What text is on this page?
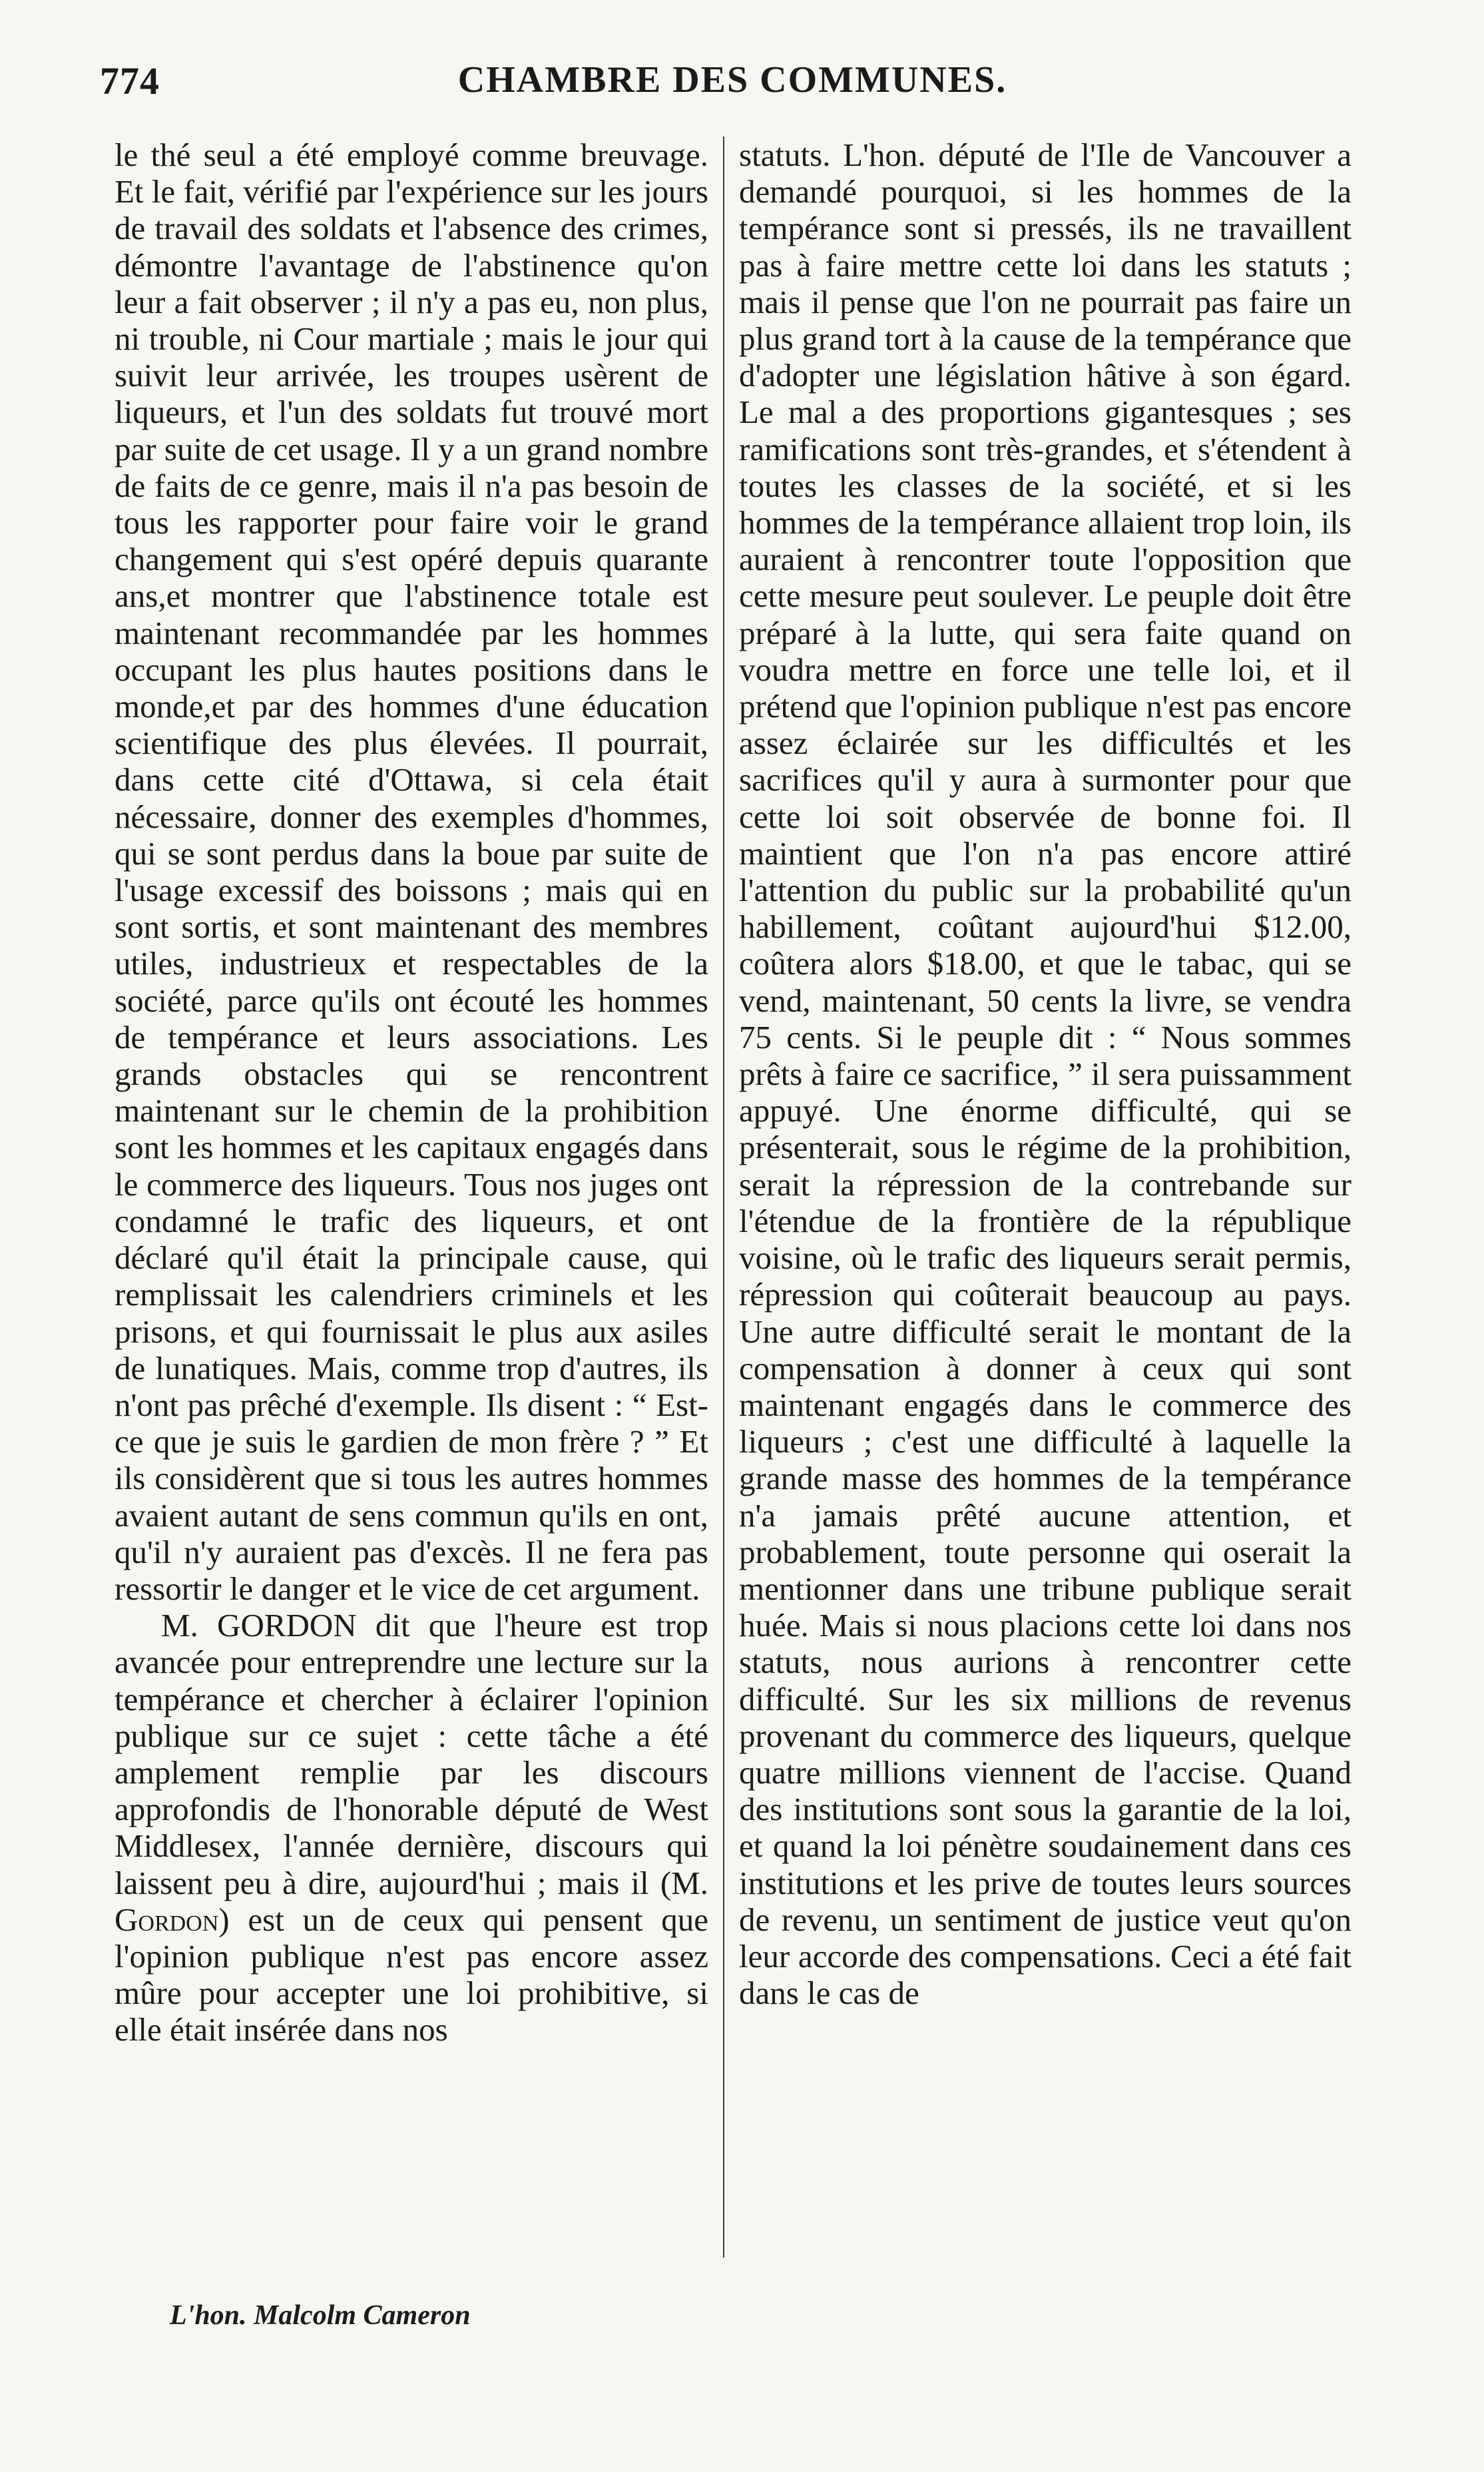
774	CHAMBRE DES COMMUNES.

le thé seul a été employé comme breuvage. Et le fait, vérifié par l'expérience sur les jours de travail des soldats et l'absence des crimes, démontre l'avantage de l'abstinence qu'on leur a fait observer ; il n'y a pas eu, non plus, ni trouble, ni Cour martiale ; mais le jour qui suivit leur arrivée, les troupes usèrent de liqueurs, et l'un des soldats fut trouvé mort par suite de cet usage. Il y a un grand nombre de faits de ce genre, mais il n'a pas besoin de tous les rapporter pour faire voir le grand changement qui s'est opéré depuis quarante ans,et montrer que l'abstinence totale est maintenant recommandée par les hommes occupant les plus hautes positions dans le monde,et par des hommes d'une éducation scientifique des plus élevées. Il pourrait, dans cette cité d'Ottawa, si cela était nécessaire, donner des exemples d'hommes, qui se sont perdus dans la boue par suite de l'usage excessif des boissons ; mais qui en sont sortis, et sont maintenant des membres utiles, industrieux et respectables de la société, parce qu'ils ont écouté les hommes de tempérance et leurs associations. Les grands obstacles qui se rencontrent maintenant sur le chemin de la prohibition sont les hommes et les capitaux engagés dans le commerce des liqueurs. Tous nos juges ont condamné le trafic des liqueurs, et ont déclaré qu'il était la principale cause, qui remplissait les calendriers criminels et les prisons, et qui fournissait le plus aux asiles de lunatiques. Mais, comme trop d'autres, ils n'ont pas prêché d'exemple. Ils disent : “ Est-ce que je suis le gardien de mon frère ? ” Et ils considèrent que si tous les autres hommes avaient autant de sens commun qu'ils en ont, qu'il n'y auraient pas d'excès. Il ne fera pas ressortir le danger et le vice de cet argument.

M. GORDON dit que l'heure est trop avancée pour entreprendre une lecture sur la tempérance et chercher à éclairer l'opinion publique sur ce sujet : cette tâche a été amplement remplie par les discours approfondis de l'honorable député de West Middlesex, l'année dernière, discours qui laissent peu à dire, aujourd'hui ; mais il (M. Gordon) est un de ceux qui pensent que l'opinion publique n'est pas encore assez mûre pour accepter une loi prohibitive, si elle était insérée dans nos

statuts. L'hon. député de l'Ile de Vancouver a demandé pourquoi, si les hommes de la tempérance sont si pressés, ils ne travaillent pas à faire mettre cette loi dans les statuts ; mais il pense que l'on ne pourrait pas faire un plus grand tort à la cause de la tempérance que d'adopter une législation hâtive à son égard. Le mal a des proportions gigantesques ; ses ramifications sont très-grandes, et s'étendent à toutes les classes de la société, et si les hommes de la tempérance allaient trop loin, ils auraient à rencontrer toute l'opposition que cette mesure peut soulever. Le peuple doit être préparé à la lutte, qui sera faite quand on voudra mettre en force une telle loi, et il prétend que l'opinion publique n'est pas encore assez éclairée sur les difficultés et les sacrifices qu'il y aura à surmonter pour que cette loi soit observée de bonne foi. Il maintient que l'on n'a pas encore attiré l'attention du public sur la probabilité qu'un habillement, coûtant aujourd'hui $12.00, coûtera alors $18.00, et que le tabac, qui se vend, maintenant, 50 cents la livre, se vendra 75 cents. Si le peuple dit : “ Nous sommes prêts à faire ce sacrifice, ” il sera puissamment appuyé. Une énorme difficulté, qui se présenterait, sous le régime de la prohibition, serait la répression de la contrebande sur l'étendue de la frontière de la république voisine, où le trafic des liqueurs serait permis, répression qui coûterait beaucoup au pays. Une autre difficulté serait le montant de la compensation à donner à ceux qui sont maintenant engagés dans le commerce des liqueurs ; c'est une difficulté à laquelle la grande masse des hommes de la tempérance n'a jamais prêté aucune attention, et probablement, toute personne qui oserait la mentionner dans une tribune publique serait huée. Mais si nous placions cette loi dans nos statuts, nous aurions à rencontrer cette difficulté. Sur les six millions de revenus provenant du commerce des liqueurs, quelque quatre millions viennent de l'accise. Quand des institutions sont sous la garantie de la loi, et quand la loi pénètre soudainement dans ces institutions et les prive de toutes leurs sources de revenu, un sentiment de justice veut qu'on leur accorde des compensations. Ceci a été fait dans le cas de

L'hon. Malcolm Cameron
